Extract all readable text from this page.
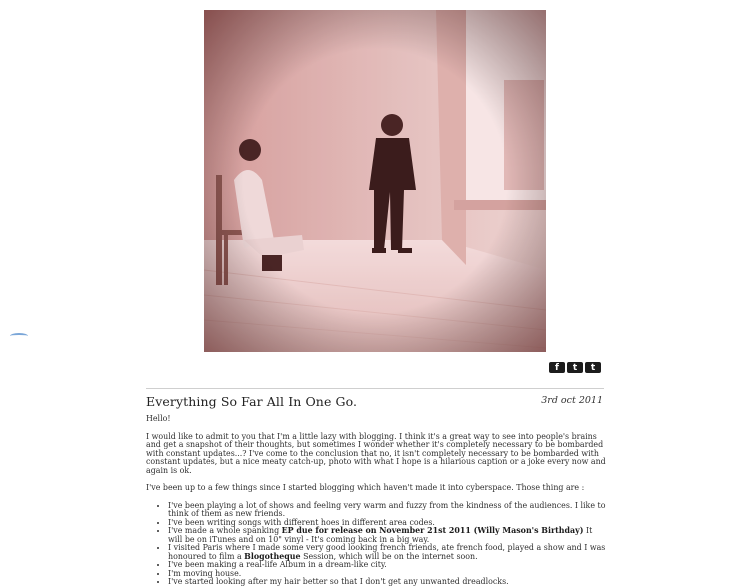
f	t	t
Everything So Far All In One Go.	3rd oct 2011

Hello!

I would like to admit to you that I'm a little lazy with blogging. I think it's a great way to see into people's brains and get a snapshot of their thoughts, but sometimes I wonder whether it's completely necessary to be bombarded with constant updates...? I've come to the conclusion that no, it isn't completely necessary to be bombarded with constant updates, but a nice meaty catch-up, photo with what I hope is a hilarious caption or a joke every now and again is ok.

I've been up to a few things since I started blogging which haven't made it into cyberspace. Those thing are :

• I've been playing a lot of shows and feeling very warm and fuzzy from the kindness of the audiences. I like to think of them as new friends.
• I've been writing songs with different hoes in different area codes.
• I've made a whole spanking EP due for release on November 21st 2011 (Willy Mason's Birthday) It will be on iTunes and on 10" vinyl - It's coming back in a big way.
• I visited Paris where I made some very good looking french friends, ate french food, played a show and I was honoured to film a Blogotheque Session, which will be on the internet soon.
• I've been making a real-life Album in a dream-like city.
• I'm moving house.
• I've started looking after my hair better so that I don't get any unwanted dreadlocks.
